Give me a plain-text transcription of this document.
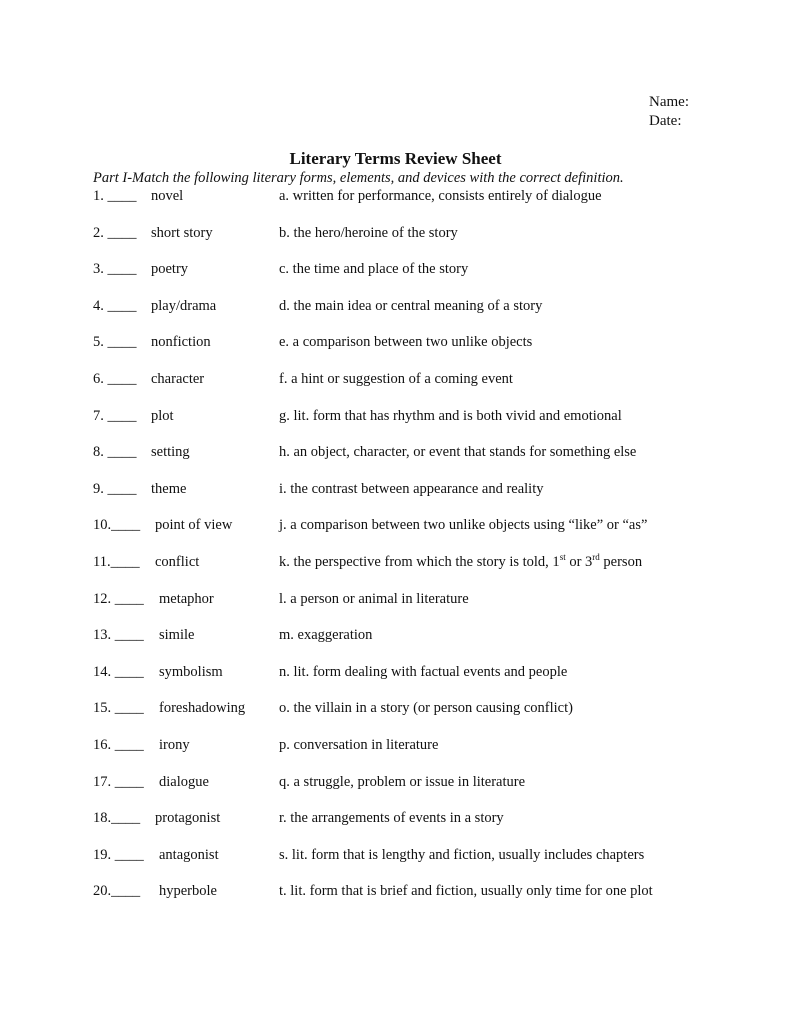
Name:
Date:
Literary Terms Review Sheet
Part I-Match the following literary forms, elements, and devices with the correct definition.
1. ____ novel	a. written for performance, consists entirely of dialogue
2. ____ short story	b. the hero/heroine of the story
3. ____ poetry	c. the time and place of the story
4. ____ play/drama	d. the main idea or central meaning of a story
5. ____ nonfiction	e. a comparison between two unlike objects
6. ____ character	f. a hint or suggestion of a coming event
7. ____ plot	g. lit. form that has rhythm and is both vivid and emotional
8. ____ setting	h. an object, character, or event that stands for something else
9. ____ theme	i. the contrast between appearance and reality
10.____ point of view	j. a comparison between two unlike objects using “like” or “as”
11.____ conflict	k. the perspective from which the story is told, 1st or 3rd person
12. ____ metaphor	l. a person or animal in literature
13. ____ simile	m. exaggeration
14. ____ symbolism	n. lit. form dealing with factual events and people
15. ____ foreshadowing o. the villain in a story (or person causing conflict)
16. ____ irony	p. conversation in literature
17. ____ dialogue	q. a struggle, problem or issue in literature
18.____ protagonist	r. the arrangements of events in a story
19. ____ antagonist	s. lit. form that is lengthy and fiction, usually includes chapters
20.____ hyperbole	t. lit. form that is brief and fiction, usually only time for one plot
